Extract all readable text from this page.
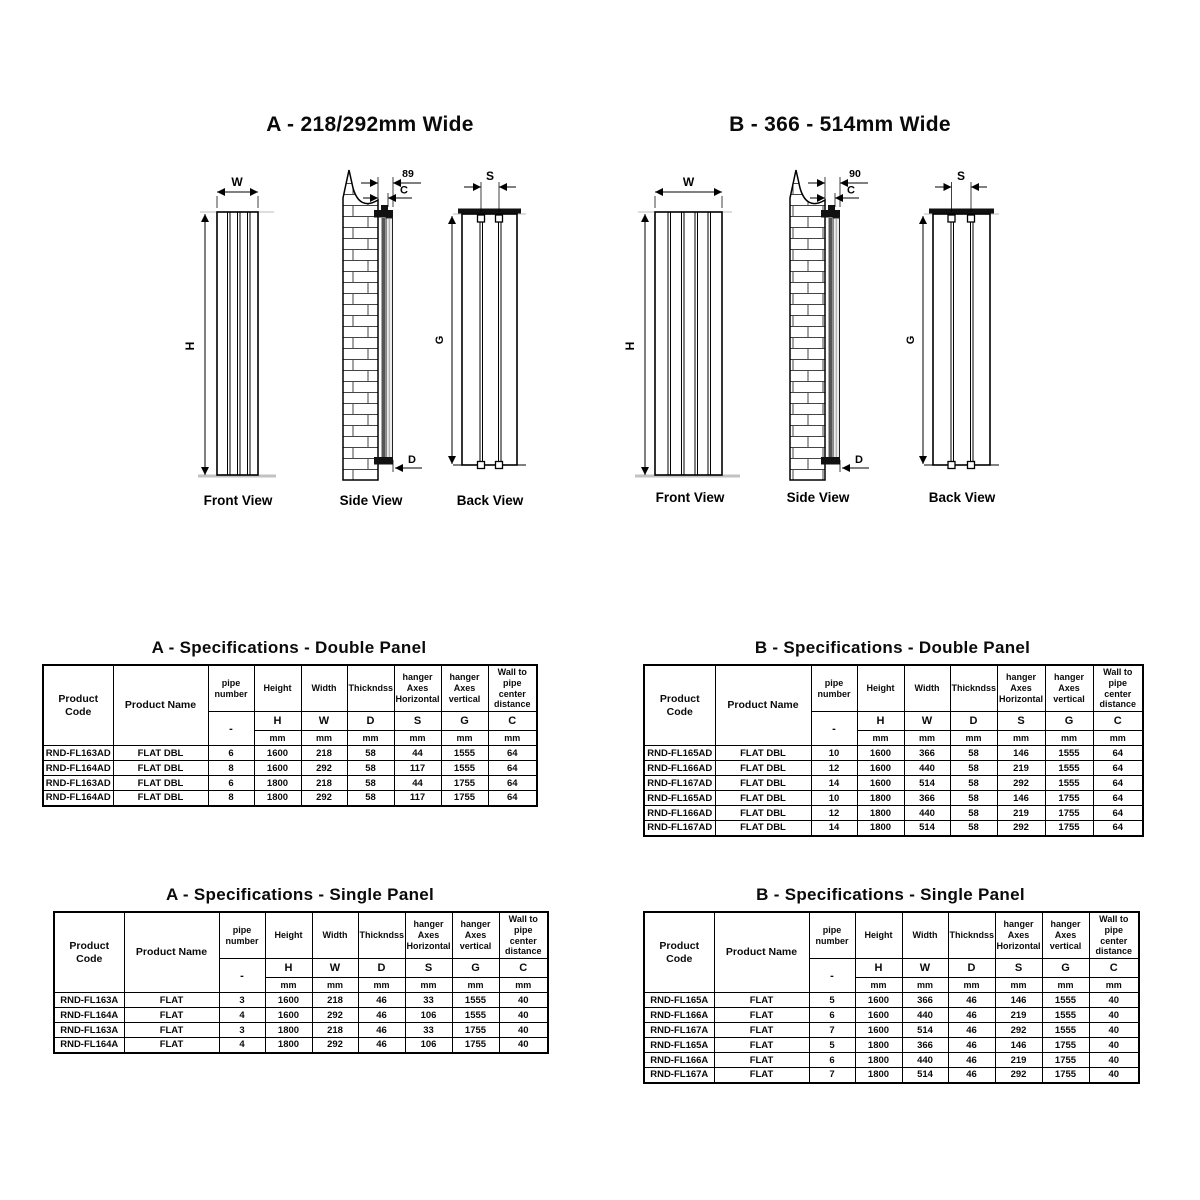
A - 218/292mm Wide
W
H
Front View
89
C
D
Side View
S
G
Back View
B - 366 - 514mm Wide
W
H
Front View
90
C
D
Side View
S
G
Back View
A - Specifications - Double Panel
Product Code	Product Name	pipe number	Height	Width	Thickndss	hanger Axes Horizontal	hanger Axes vertical	Wall to pipe center distance
		-	H	W	D	S	G	C
			mm	mm	mm	mm	mm	mm
RND-FL163AD	FLAT DBL	6	1600	218	58	44	1555	64
RND-FL164AD	FLAT DBL	8	1600	292	58	117	1555	64
RND-FL163AD	FLAT DBL	6	1800	218	58	44	1755	64
RND-FL164AD	FLAT DBL	8	1800	292	58	117	1755	64
B - Specifications - Double Panel
Product Code	Product Name	pipe number	Height	Width	Thickndss	hanger Axes Horizontal	hanger Axes vertical	Wall to pipe center distance
		-	H	W	D	S	G	C
			mm	mm	mm	mm	mm	mm
RND-FL165AD	FLAT DBL	10	1600	366	58	146	1555	64
RND-FL166AD	FLAT DBL	12	1600	440	58	219	1555	64
RND-FL167AD	FLAT DBL	14	1600	514	58	292	1555	64
RND-FL165AD	FLAT DBL	10	1800	366	58	146	1755	64
RND-FL166AD	FLAT DBL	12	1800	440	58	219	1755	64
RND-FL167AD	FLAT DBL	14	1800	514	58	292	1755	64
A - Specifications - Single Panel
Product Code	Product Name	pipe number	Height	Width	Thickndss	hanger Axes Horizontal	hanger Axes vertical	Wall to pipe center distance
		-	H	W	D	S	G	C
			mm	mm	mm	mm	mm	mm
RND-FL163A	FLAT	3	1600	218	46	33	1555	40
RND-FL164A	FLAT	4	1600	292	46	106	1555	40
RND-FL163A	FLAT	3	1800	218	46	33	1755	40
RND-FL164A	FLAT	4	1800	292	46	106	1755	40
B - Specifications - Single Panel
Product Code	Product Name	pipe number	Height	Width	Thickndss	hanger Axes Horizontal	hanger Axes vertical	Wall to pipe center distance
		-	H	W	D	S	G	C
			mm	mm	mm	mm	mm	mm
RND-FL165A	FLAT	5	1600	366	46	146	1555	40
RND-FL166A	FLAT	6	1600	440	46	219	1555	40
RND-FL167A	FLAT	7	1600	514	46	292	1555	40
RND-FL165A	FLAT	5	1800	366	46	146	1755	40
RND-FL166A	FLAT	6	1800	440	46	219	1755	40
RND-FL167A	FLAT	7	1800	514	46	292	1755	40
